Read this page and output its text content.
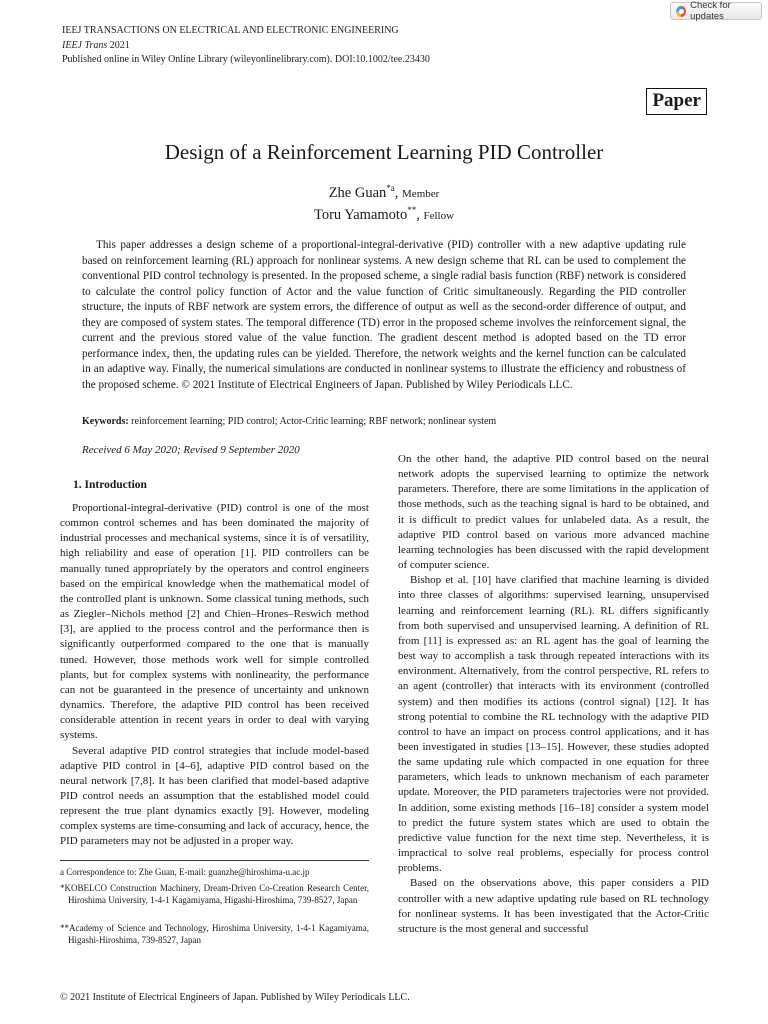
IEEJ TRANSACTIONS ON ELECTRICAL AND ELECTRONIC ENGINEERING
IEEJ Trans 2021
Published online in Wiley Online Library (wileyonlinelibrary.com). DOI:10.1002/tee.23430
Check for updates
Paper
Design of a Reinforcement Learning PID Controller
Zhe Guan$^{*a}$, Member
Toru Yamamoto**, Fellow
This paper addresses a design scheme of a proportional-integral-derivative (PID) controller with a new adaptive updating rule based on reinforcement learning (RL) approach for nonlinear systems. A new design scheme that RL can be used to complement the conventional PID control technology is presented. In the proposed scheme, a single radial basis function (RBF) network is considered to calculate the control policy function of Actor and the value function of Critic simultaneously. Regarding the PID controller structure, the inputs of RBF network are system errors, the difference of output as well as the second-order difference of output, and they are composed of system states. The temporal difference (TD) error in the proposed scheme involves the reinforcement signal, the current and the previous stored value of the value function. The gradient descent method is adopted based on the TD error performance index, then, the updating rules can be yielded. Therefore, the network weights and the kernel function can be calculated in an adaptive way. Finally, the numerical simulations are conducted in nonlinear systems to illustrate the efficiency and robustness of the proposed scheme. © 2021 Institute of Electrical Engineers of Japan. Published by Wiley Periodicals LLC.
Keywords: reinforcement learning; PID control; Actor-Critic learning; RBF network; nonlinear system
Received 6 May 2020; Revised 9 September 2020
1. Introduction

Proportional-integral-derivative (PID) control is one of the most common control schemes and has been dominated the majority of industrial processes and mechanical systems, since it is of versatility, high reliability and ease of operation [1]. PID controllers can be manually tuned appropriately by the operators and control engineers based on the empirical knowledge when the mathematical model of the controlled plant is unknown. Some classical tuning methods, such as Ziegler–Nichols method [2] and Chien–Hrones–Reswich method [3], are applied to the process control and the performance then is significantly outperformed compared to the one that is manually tuned. However, those methods work well for simple controlled plants, but for complex systems with nonlinearity, the performance can not be guaranteed in the presence of uncertainty and unknown dynamics. Therefore, the adaptive PID control has been received considerable attention in recent years in order to deal with varying systems.

Several adaptive PID control strategies that include model-based adaptive PID control in [4–6], adaptive PID control based on the neural network [7,8]. It has been clarified that model-based adaptive PID control needs an assumption that the established model could represent the true plant dynamics exactly [9]. However, modeling complex systems are time-consuming and lack of accuracy, hence, the PID parameters may not be adjusted in a proper way.

On the other hand, the adaptive PID control based on the neural network adopts the supervised learning to optimize the network parameters. Therefore, there are some limitations in the application of those methods, such as the teaching signal is hard to be obtained, and it is difficult to predict values for unlabeled data. As a result, the adaptive PID control based on various more advanced machine learning technologies has been discussed with the rapid development of computer science.

Bishop et al. [10] have clarified that machine learning is divided into three classes of algorithms: supervised learning, unsupervised learning and reinforcement learning (RL). RL differs significantly from both supervised and unsupervised learning. A definition of RL from [11] is expressed as: an RL agent has the goal of learning the best way to accomplish a task through repeated interactions with its environment. Alternatively, from the control perspective, RL refers to an agent (controller) that interacts with its environment (controlled system) and then modifies its actions (control signal) [12]. It has strong potential to combine the RL technology with the adaptive PID control to have an impact on process control applications, and it has been investigated in studies [13–15]. However, these studies adopted the same updating rule which compacted in one equation for three parameters, which leads to unknown mechanism of each parameter update. Moreover, the PID parameters trajectories were not provided. In addition, some existing methods [16–18] consider a system model to predict the future system states which are used to obtain the predictive value function for the next time step. Nevertheless, it is impractical to solve real problems, especially for process control problems.

Based on the observations above, this paper considers a PID controller with a new adaptive updating rule based on RL technology for nonlinear systems. It has been investigated that the Actor-Critic structure is the most general and successful

a Correspondence to: Zhe Guan, E-mail: guanzhe@hiroshima-u.ac.jp

*KOBELCO Construction Machinery, Dream-Driven Co-Creation Research Center, Hiroshima University, 1-4-1 Kagamiyama, Higashi-Hiroshima, 739-8527, Japan

**Academy of Science and Technology, Hiroshima University, 1-4-1 Kagamiyama, Higashi-Hiroshima, 739-8527, Japan

© 2021 Institute of Electrical Engineers of Japan. Published by Wiley Periodicals LLC.
